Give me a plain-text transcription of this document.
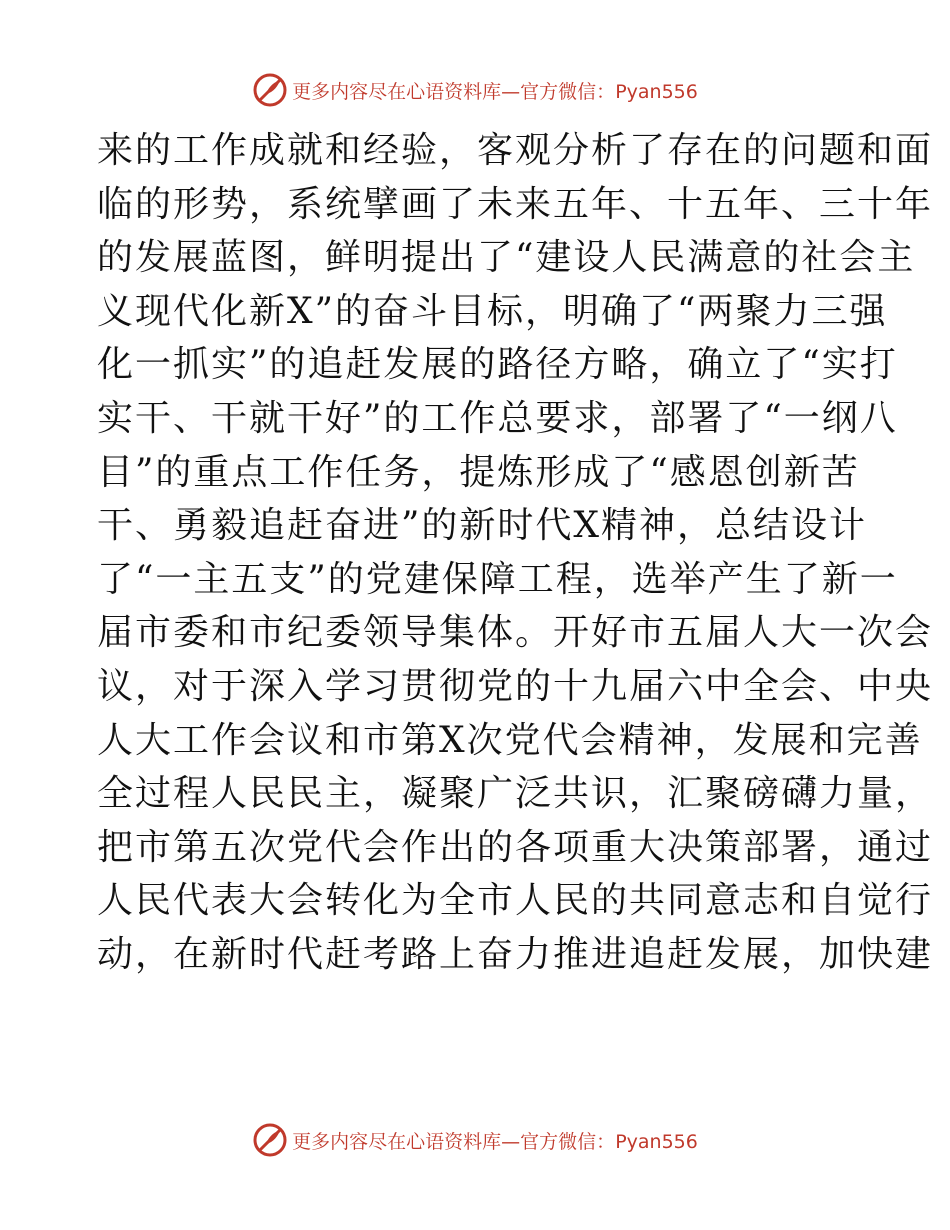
更多内容尽在心语资料库—官方微信：Pyan556
来的工作成就和经验，客观分析了存在的问题和面
临的形势，系统擘画了未来五年、十五年、三十年
的发展蓝图，鲜明提出了“建设人民满意的社会主
义现代化新X”的奋斗目标，明确了“两聚力三强
化一抓实”的追赶发展的路径方略，确立了“实打
实干、干就干好”的工作总要求，部署了“一纲八
目”的重点工作任务，提炼形成了“感恩创新苦
干、勇毅追赶奋进”的新时代X精神，总结设计
了“一主五支”的党建保障工程，选举产生了新一
届市委和市纪委领导集体。开好市五届人大一次会
议，对于深入学习贯彻党的十九届六中全会、中央
人大工作会议和市第X次党代会精神，发展和完善
全过程人民民主，凝聚广泛共识，汇聚磅礴力量，
把市第五次党代会作出的各项重大决策部署，通过
人民代表大会转化为全市人民的共同意志和自觉行
动，在新时代赶考路上奋力推进追赶发展，加快建
更多内容尽在心语资料库—官方微信：Pyan556
